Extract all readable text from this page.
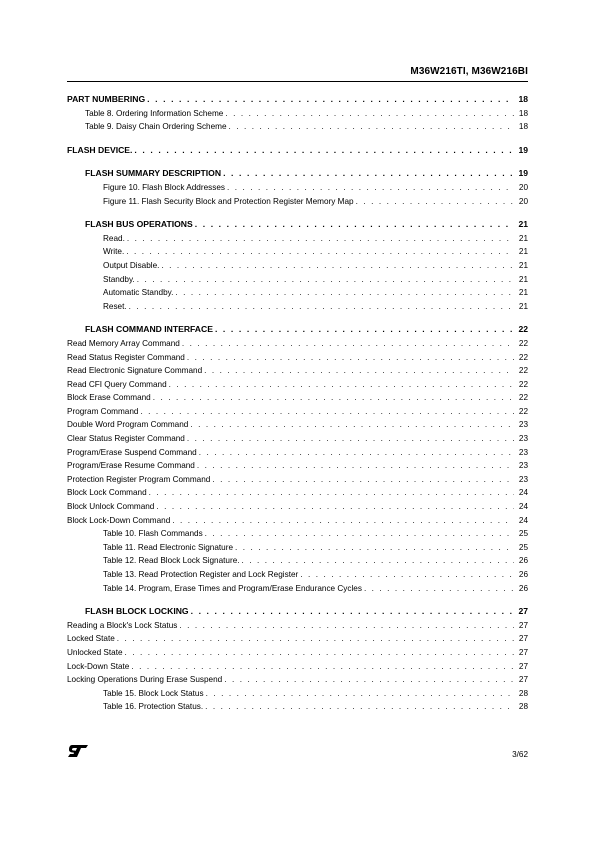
M36W216TI, M36W216BI
PART NUMBERING . . .	18
Table 8. Ordering Information Scheme . . .	18
Table 9. Daisy Chain Ordering Scheme . . .	18
FLASH DEVICE. . . .	19
FLASH SUMMARY DESCRIPTION . . .	19
Figure 10. Flash Block Addresses . . .	20
Figure 11. Flash Security Block and Protection Register Memory Map . . .	20
FLASH BUS OPERATIONS . . .	21
Read. . . .	21
Write. . . .	21
Output Disable. . . .	21
Standby. . . .	21
Automatic Standby. . . .	21
Reset. . . .	21
FLASH COMMAND INTERFACE . . .	22
Read Memory Array Command . . .	22
Read Status Register Command . . .	22
Read Electronic Signature Command . . .	22
Read CFI Query Command . . .	22
Block Erase Command . . .	22
Program Command . . .	22
Double Word Program Command . . .	23
Clear Status Register Command . . .	23
Program/Erase Suspend Command . . .	23
Program/Erase Resume Command . . .	23
Protection Register Program Command . . .	23
Block Lock Command . . .	24
Block Unlock Command . . .	24
Block Lock-Down Command . . .	24
Table 10. Flash Commands . . .	25
Table 11. Read Electronic Signature . . .	25
Table 12. Read Block Lock Signature. . . .	26
Table 13. Read Protection Register and Lock Register . . .	26
Table 14. Program, Erase Times and Program/Erase Endurance Cycles . . .	26
FLASH BLOCK LOCKING . . .	27
Reading a Block's Lock Status . . .	27
Locked State . . .	27
Unlocked State . . .	27
Lock-Down State . . .	27
Locking Operations During Erase Suspend . . .	27
Table 15. Block Lock Status . . .	28
Table 16. Protection Status. . . .	28
3/62
